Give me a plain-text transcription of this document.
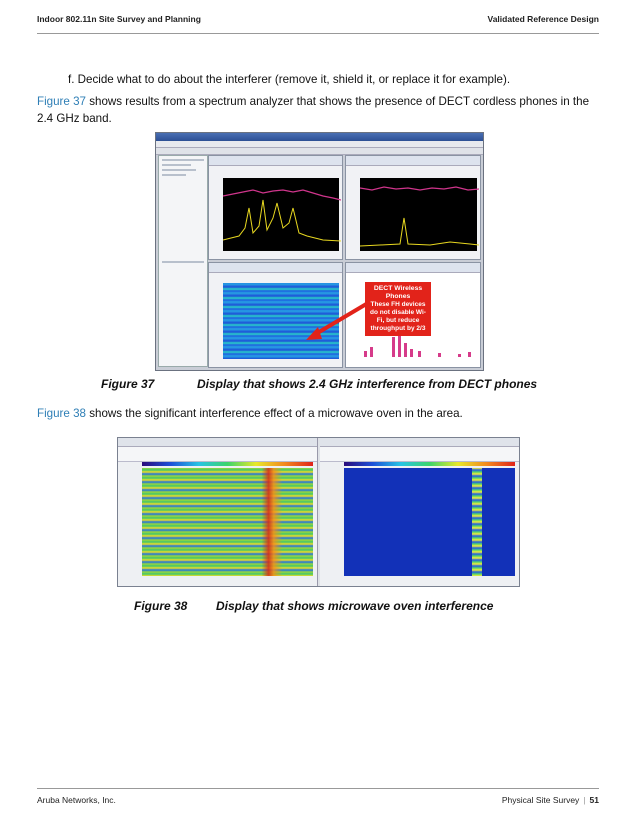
Indoor 802.11n Site Survey and Planning	Validated Reference Design
f. Decide what to do about the interferer (remove it, shield it, or replace it for example).
Figure 37 shows results from a spectrum analyzer that shows the presence of DECT cordless phones in the 2.4 GHz band.
DECT Wireless Phones
These FH devices do not disable Wi-Fi, but reduce throughput by 2/3
Figure 37	Display that shows 2.4 GHz interference from DECT phones
Figure 38 shows the significant interference effect of a microwave oven in the area.
Figure 38 Display that shows microwave oven interference
Aruba Networks, Inc.	Physical Site Survey | 51
